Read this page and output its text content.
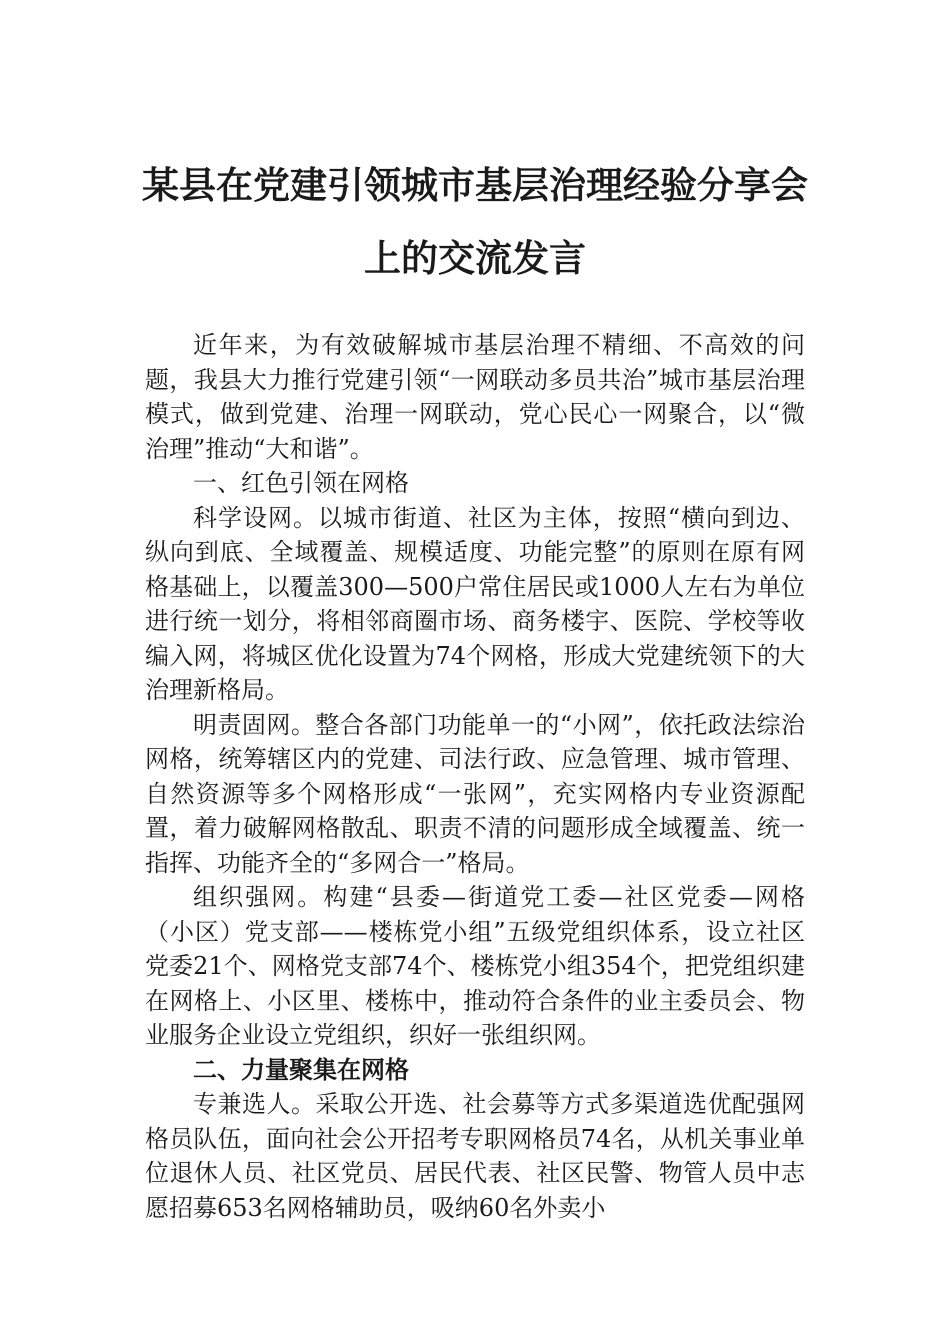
某县在党建引领城市基层治理经验分享会
上的交流发言

近年来，为有效破解城市基层治理不精细、不高效的问题，我县大力推行党建引领“一网联动多员共治”城市基层治理模式，做到党建、治理一网联动，党心民心一网聚合，以“微治理”推动“大和谐”。

一、红色引领在网格

科学设网。以城市街道、社区为主体，按照“横向到边、纵向到底、全域覆盖、规模适度、功能完整”的原则在原有网格基础上，以覆盖300—500户常住居民或1000人左右为单位进行统一划分，将相邻商圈市场、商务楼宇、医院、学校等收编入网，将城区优化设置为74个网格，形成大党建统领下的大治理新格局。

明责固网。整合各部门功能单一的“小网”，依托政法综治网格，统筹辖区内的党建、司法行政、应急管理、城市管理、自然资源等多个网格形成“一张网”，充实网格内专业资源配置，着力破解网格散乱、职责不清的问题形成全域覆盖、统一指挥、功能齐全的“多网合一”格局。

组织强网。构建“县委—街道党工委—社区党委—网格（小区）党支部——楼栋党小组”五级党组织体系，设立社区党委21个、网格党支部74个、楼栋党小组354个，把党组织建在网格上、小区里、楼栋中，推动符合条件的业主委员会、物业服务企业设立党组织，织好一张组织网。

二、力量聚集在网格

专兼选人。采取公开选、社会募等方式多渠道选优配强网格员队伍，面向社会公开招考专职网格员74名，从机关事业单位退休人员、社区党员、居民代表、社区民警、物管人员中志愿招募653名网格辅助员，吸纳60名外卖小
